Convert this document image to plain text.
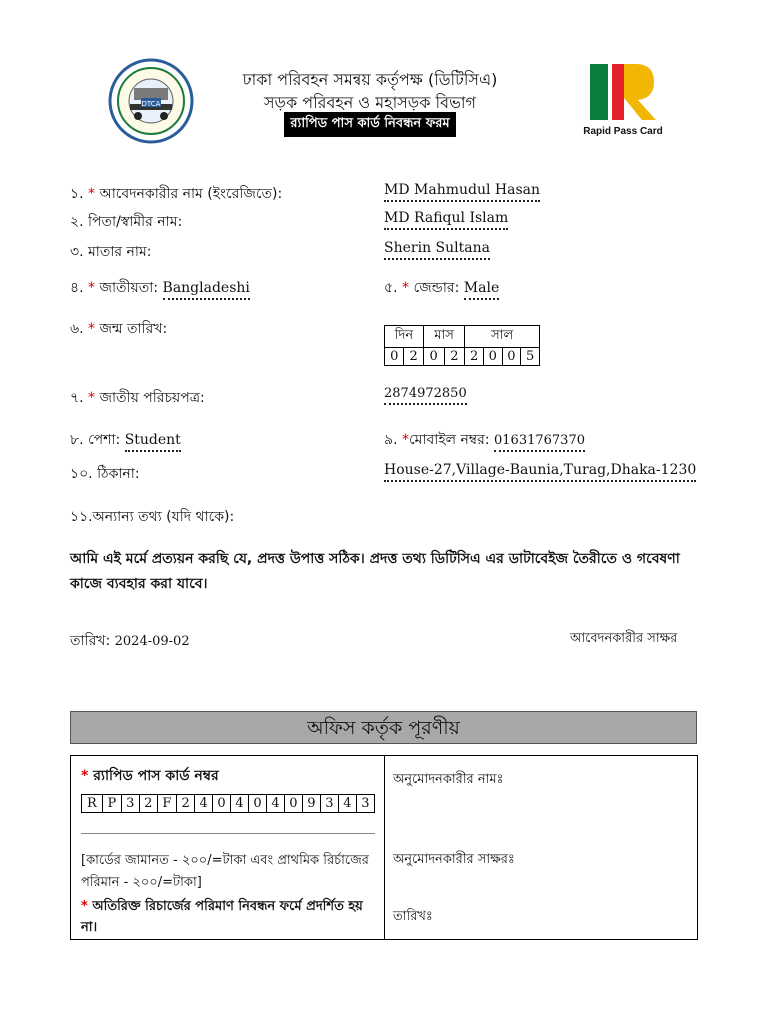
DTCA
ঢাকা পরিবহন সমন্বয় কর্তৃপক্ষ (ডিটিসিএ)
সড়ক পরিবহন ও মহাসড়ক বিভাগ
র‍্যাপিড পাস কার্ড নিবন্ধন ফরম
Rapid Pass Card
১. * আবেদনকারীর নাম (ইংরেজিতে):	MD Mahmudul Hasan
২. পিতা/স্বামীর নাম:	MD Rafiqul Islam
৩. মাতার নাম:	Sherin Sultana
৪. * জাতীয়তা: Bangladeshi	৫. * জেন্ডার: Male
৬. * জন্ম তারিখ:	দিন		মাস		সাল			
0	2	0	2	2	0	0	5
৭. * জাতীয় পরিচয়পত্র:	2874972850
৮. পেশা: Student	৯. *মোবাইল নম্বর: 01631767370
১০. ঠিকানা:	House-27,Village-Baunia,Turag,Dhaka-1230
১১.অন্যান্য তথ্য (যদি থাকে):
আমি এই মর্মে প্রত্যয়ন করছি যে, প্রদত্ত উপাত্ত সঠিক। প্রদত্ত তথ্য ডিটিসিএ এর ডাটাবেইজ তৈরীতে ও গবেষণা কাজে ব্যবহার করা যাবে।
তারিখ: 2024-09-02	আবেদনকারীর সাক্ষর
অফিস কর্তৃক পূরণীয়
* র‍্যাপিড পাস কার্ড নম্বর
R	P	3	2	F	2	4	0	4	0	4	0	9	3	4	3
[কার্ডের জামানত - ২০০/=টাকা এবং প্রাথমিক রির্চাজের পরিমান - ২০০/=টাকা]
* অতিরিক্ত রিচার্জের পরিমাণ নিবন্ধন ফর্মে প্রদর্শিত হয় না।
অনুমোদনকারীর নামঃ
অনুমোদনকারীর সাক্ষরঃ
তারিখঃ
